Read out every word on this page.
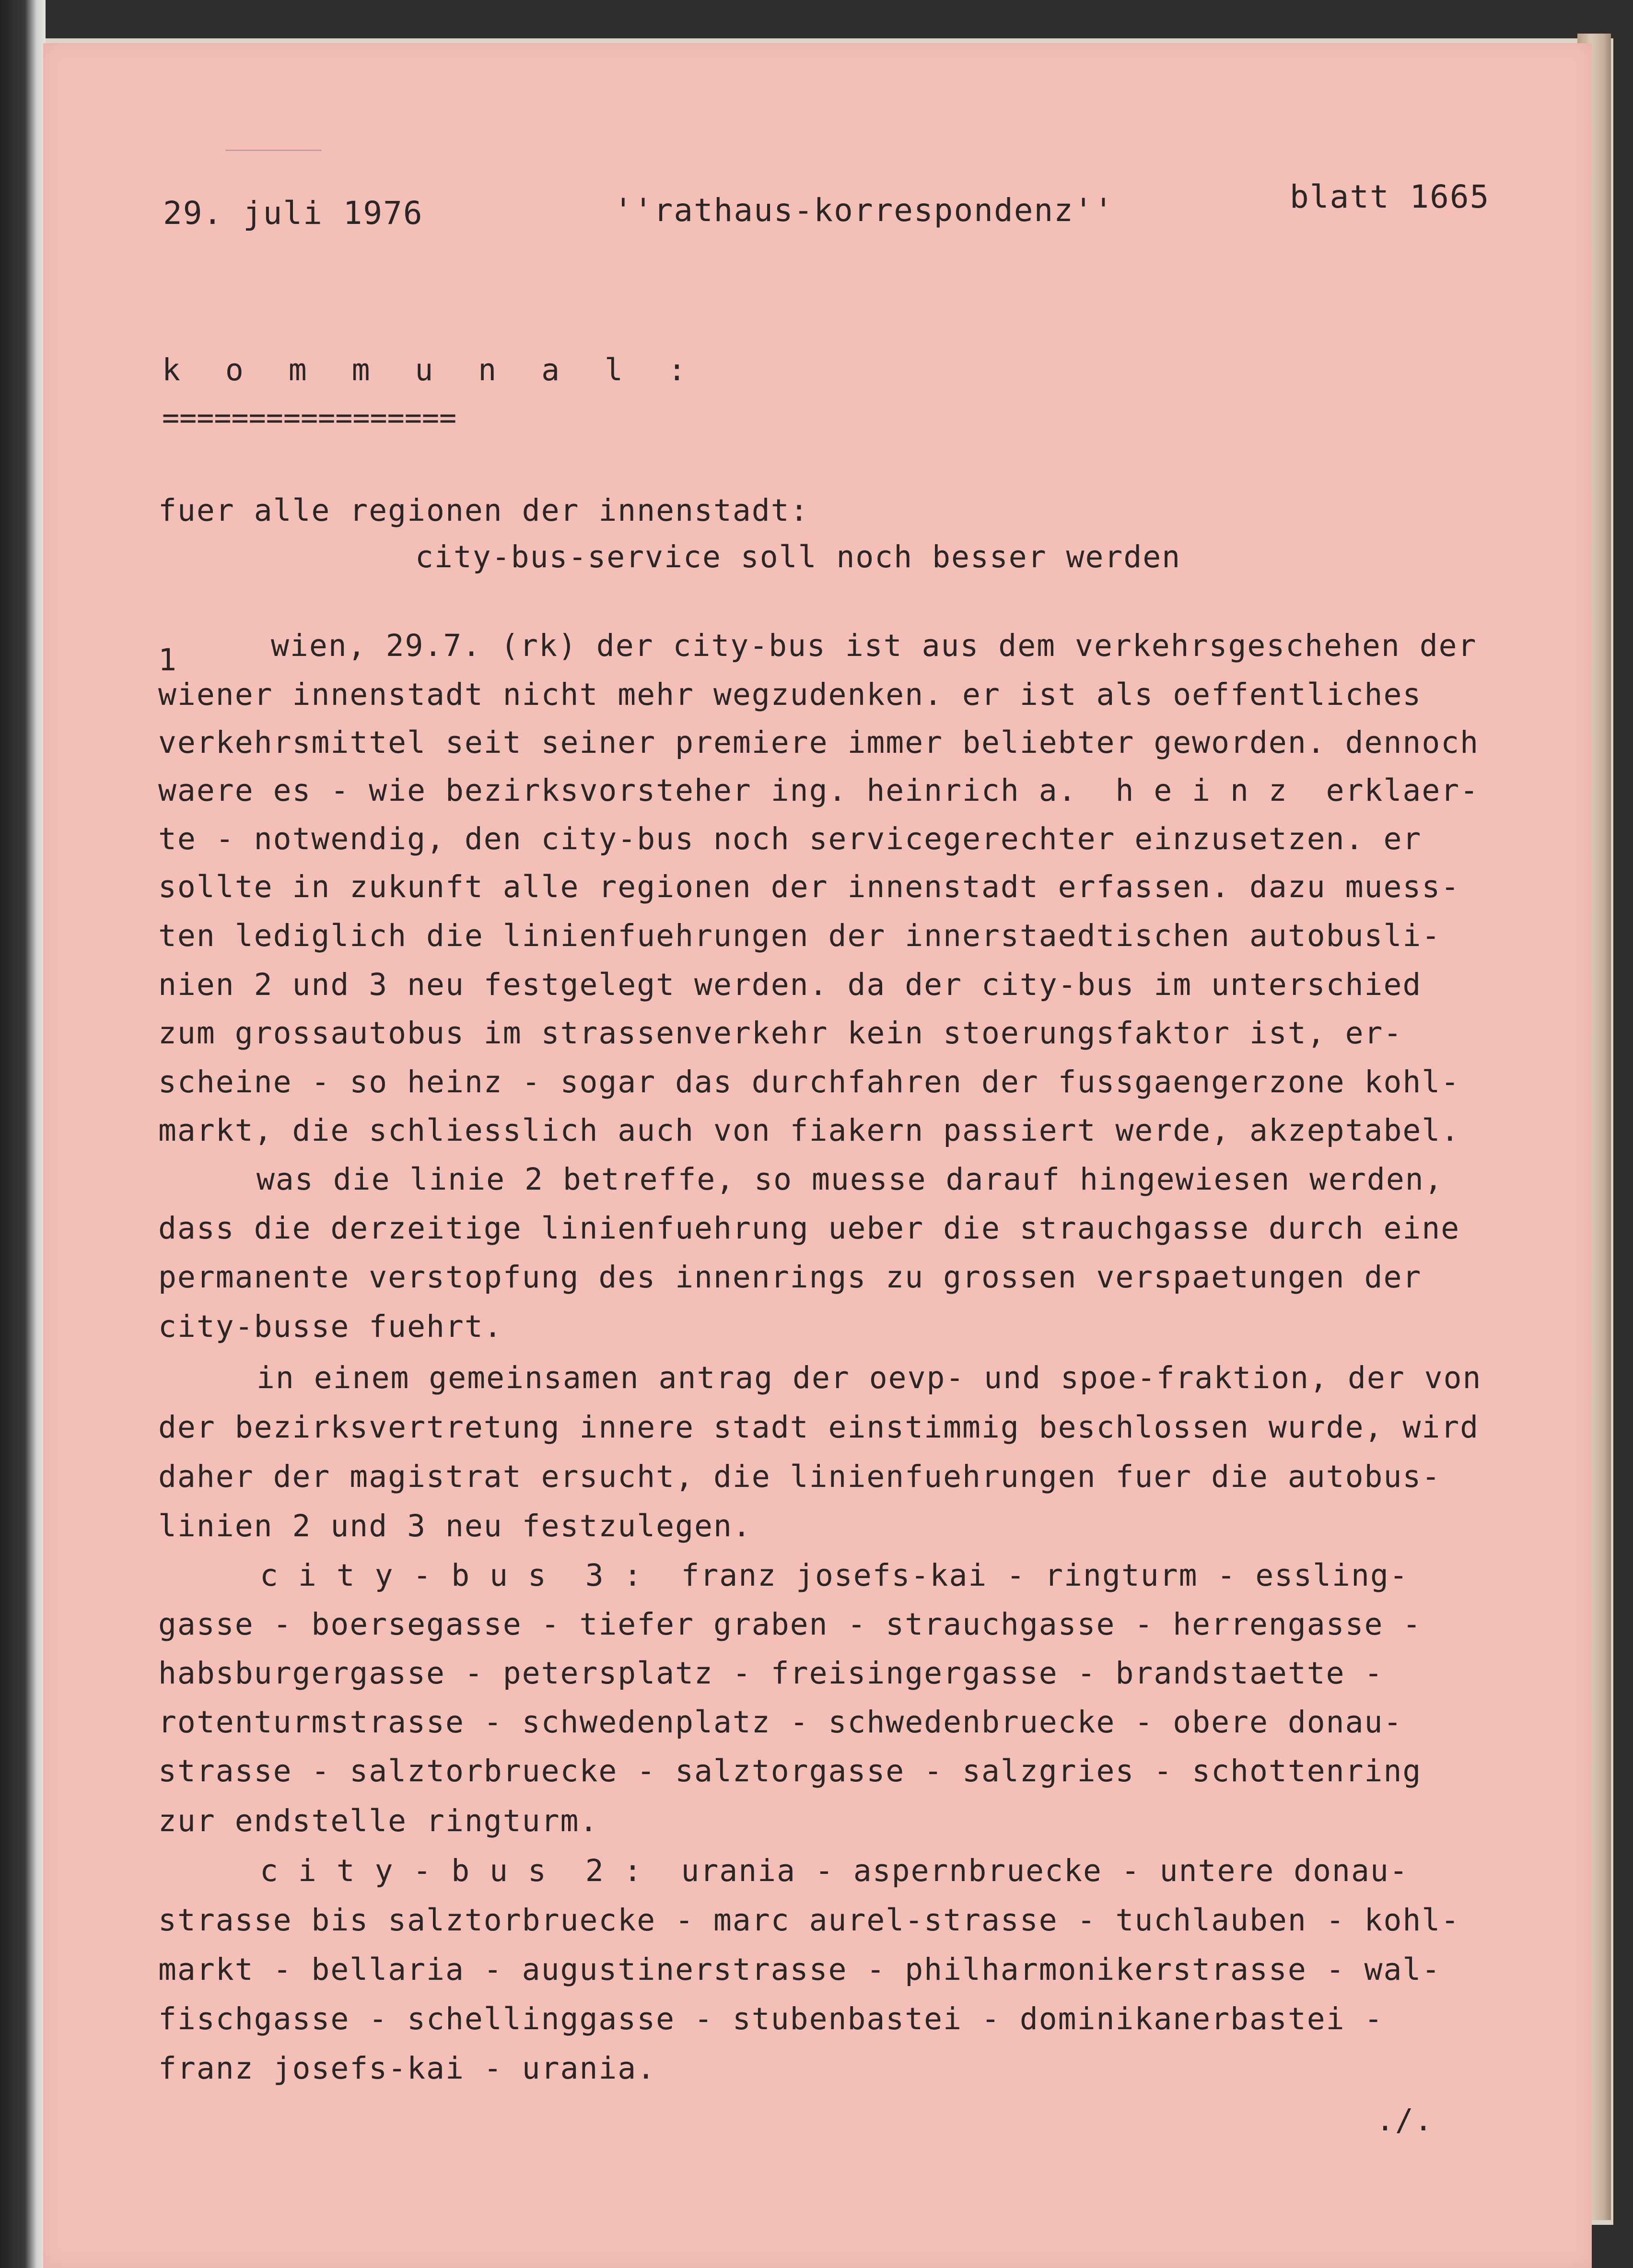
29. juli 1976	''rathaus-korrespondenz''	blatt 1665
k o m m u n a l :
=================
fuer alle regionen der innenstadt:
city-bus-service soll noch besser werden
1	wien, 29.7. (rk) der city-bus ist aus dem verkehrsgeschehen der
wiener innenstadt nicht mehr wegzudenken. er ist als oeffentliches
verkehrsmittel seit seiner premiere immer beliebter geworden. dennoch
waere es - wie bezirksvorsteher ing. heinrich a.  h e i n z  erklaer-
te - notwendig, den city-bus noch servicegerechter einzusetzen. er
sollte in zukunft alle regionen der innenstadt erfassen. dazu muess-
ten lediglich die linienfuehrungen der innerstaedtischen autobusli-
nien 2 und 3 neu festgelegt werden. da der city-bus im unterschied
zum grossautobus im strassenverkehr kein stoerungsfaktor ist, er-
scheine - so heinz - sogar das durchfahren der fussgaengerzone kohl-
markt, die schliesslich auch von fiakern passiert werde, akzeptabel.
was die linie 2 betreffe, so muesse darauf hingewiesen werden,
dass die derzeitige linienfuehrung ueber die strauchgasse durch eine
permanente verstopfung des innenrings zu grossen verspaetungen der
city-busse fuehrt.
in einem gemeinsamen antrag der oevp- und spoe-fraktion, der von
der bezirksvertretung innere stadt einstimmig beschlossen wurde, wird
daher der magistrat ersucht, die linienfuehrungen fuer die autobus-
linien 2 und 3 neu festzulegen.
c i t y - b u s  3 :  franz josefs-kai - ringturm - essling-
gasse - boersegasse - tiefer graben - strauchgasse - herrengasse -
habsburgergasse - petersplatz - freisingergasse - brandstaette -
rotenturmstrasse - schwedenplatz - schwedenbruecke - obere donau-
strasse - salztorbruecke - salztorgasse - salzgries - schottenring
zur endstelle ringturm.
c i t y - b u s  2 :  urania - aspernbruecke - untere donau-
strasse bis salztorbruecke - marc aurel-strasse - tuchlauben - kohl-
markt - bellaria - augustinerstrasse - philharmonikerstrasse - wal-
fischgasse - schellinggasse - stubenbastei - dominikanerbastei -
franz josefs-kai - urania.
./.
